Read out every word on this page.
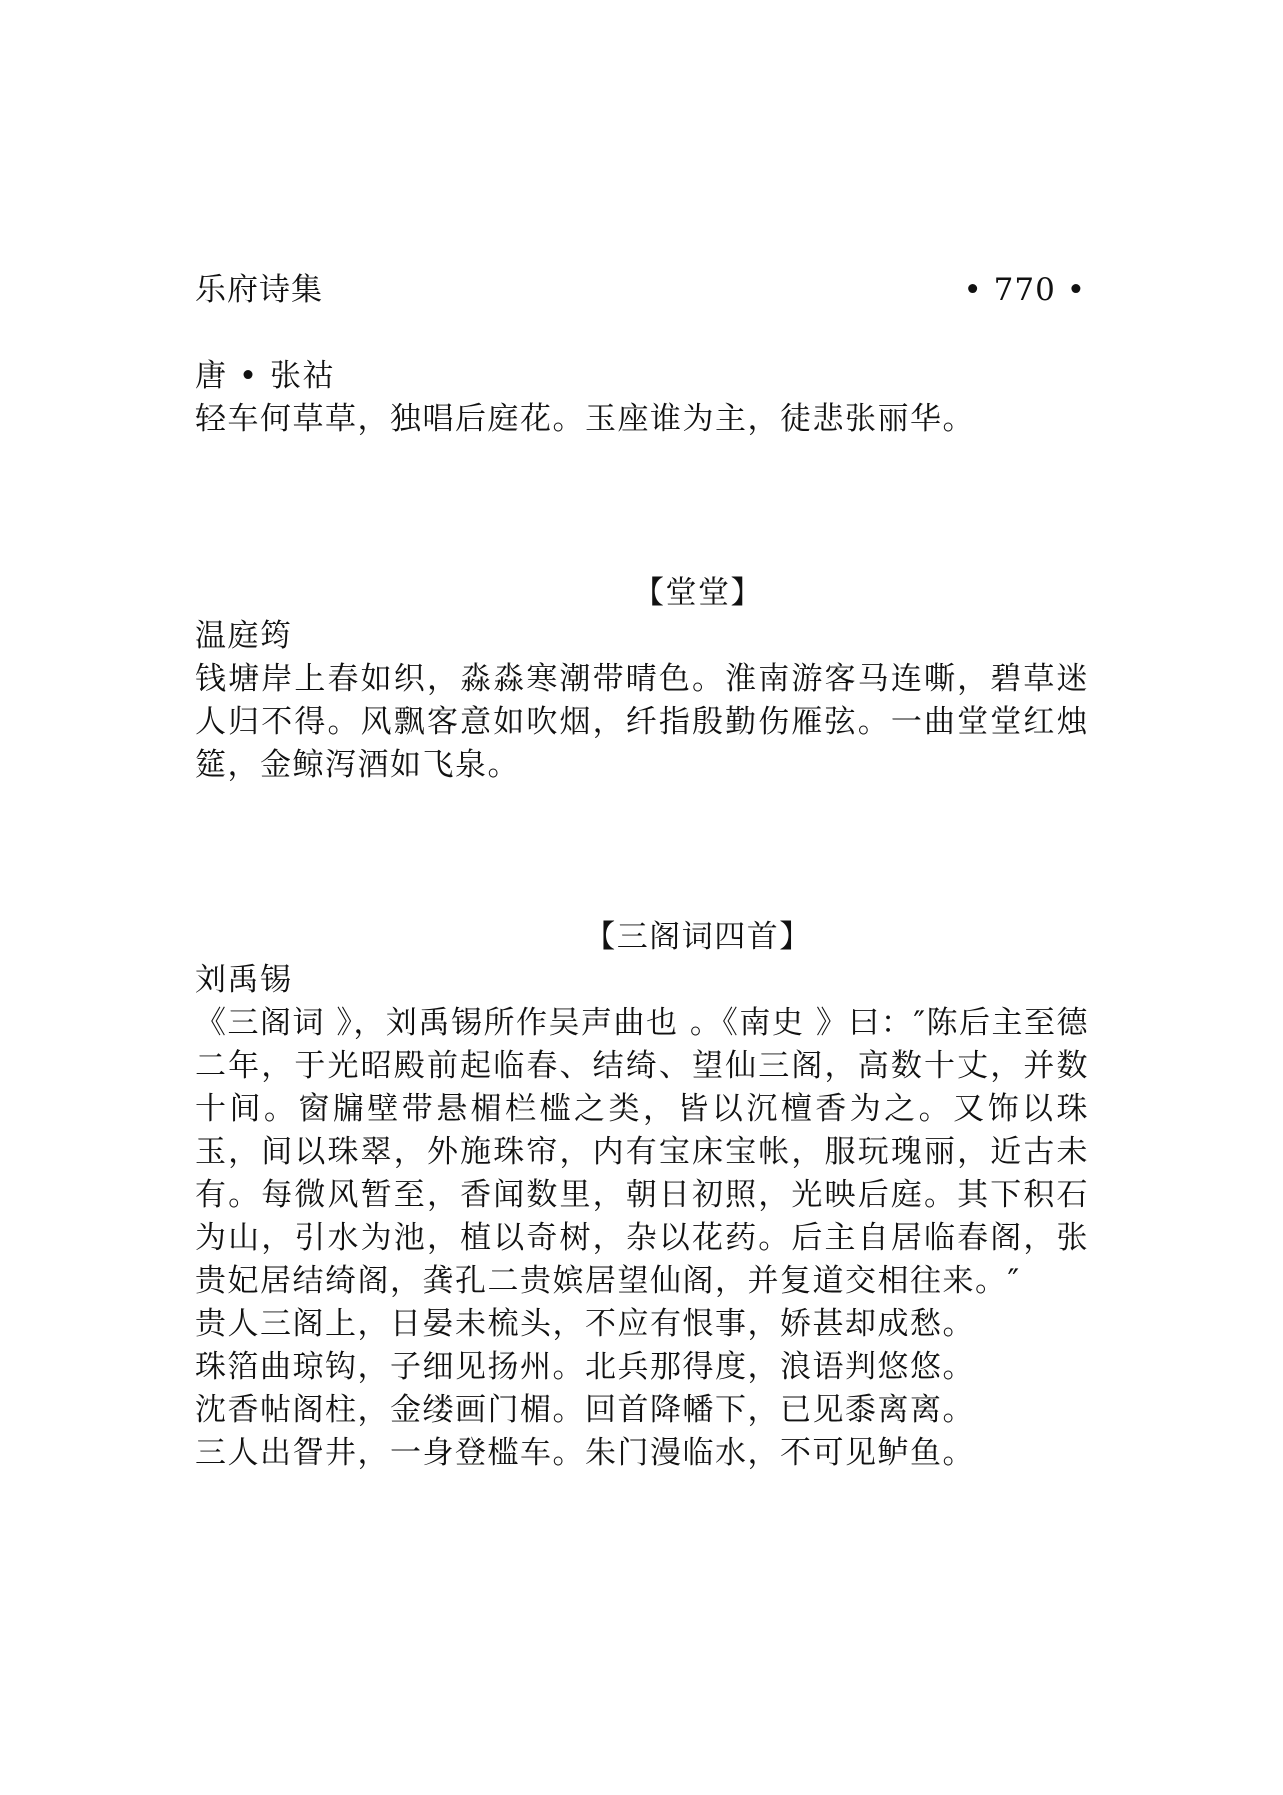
乐府诗集	• 770 •
唐 • 张祜
轻车何草草，独唱后庭花。玉座谁为主，徒悲张丽华。
【堂堂】
温庭筠
钱塘岸上春如织，淼淼寒潮带晴色。淮南游客马连嘶，碧草迷人归不得。风飘客意如吹烟，纤指殷勤伤雁弦。一曲堂堂红烛筵，金鲸泻酒如飞泉。
【三阁词四首】
刘禹锡
《三阁词 》，刘禹锡所作吴声曲也 。《南史 》曰：″陈后主至德二年，于光昭殿前起临春、结绮、望仙三阁，高数十丈，并数十间。窗牖壁带悬楣栏槛之类，皆以沉檀香为之。又饰以珠玉，间以珠翠，外施珠帘，内有宝床宝帐，服玩瑰丽，近古未有。每微风暂至，香闻数里，朝日初照，光映后庭。其下积石为山，引水为池，植以奇树，杂以花药。后主自居临春阁，张贵妃居结绮阁，龚孔二贵嫔居望仙阁，并复道交相往来。″
贵人三阁上，日晏未梳头，不应有恨事，娇甚却成愁。
珠箔曲琼钩，子细见扬州。北兵那得度，浪语判悠悠。
沈香帖阁柱，金缕画门楣。回首降幡下，已见黍离离。
三人出眢井，一身登槛车。朱门漫临水，不可见鲈鱼。
